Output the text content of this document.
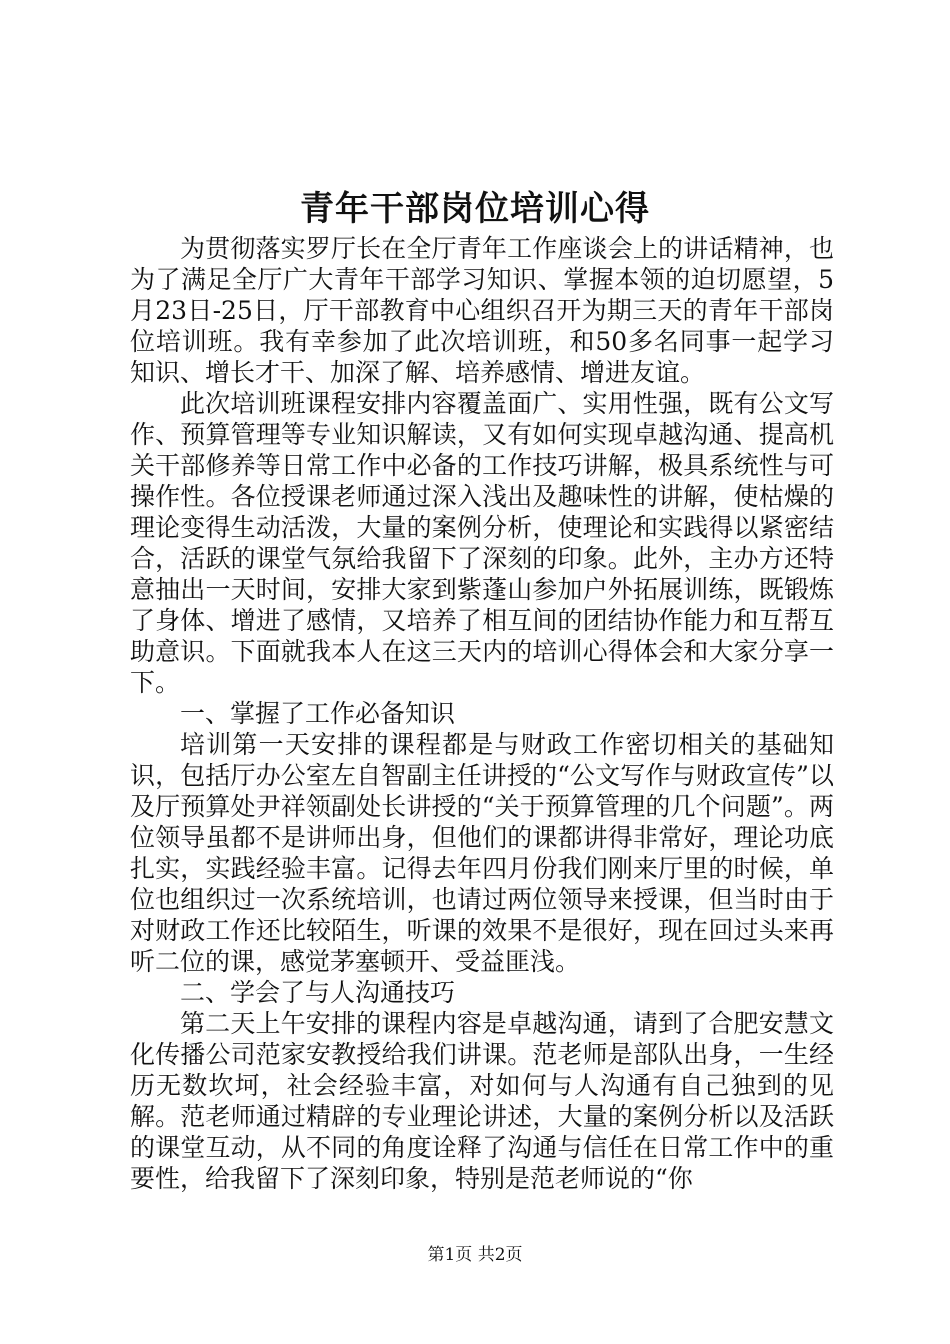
青年干部岗位培训心得

为贯彻落实罗厅长在全厅青年工作座谈会上的讲话精神，也为了满足全厅广大青年干部学习知识、掌握本领的迫切愿望，5月23日-25日，厅干部教育中心组织召开为期三天的青年干部岗位培训班。我有幸参加了此次培训班，和50多名同事一起学习知识、增长才干、加深了解、培养感情、增进友谊。

此次培训班课程安排内容覆盖面广、实用性强，既有公文写作、预算管理等专业知识解读，又有如何实现卓越沟通、提高机关干部修养等日常工作中必备的工作技巧讲解，极具系统性与可操作性。各位授课老师通过深入浅出及趣味性的讲解，使枯燥的理论变得生动活泼，大量的案例分析，使理论和实践得以紧密结合，活跃的课堂气氛给我留下了深刻的印象。此外，主办方还特意抽出一天时间，安排大家到紫蓬山参加户外拓展训练，既锻炼了身体、增进了感情，又培养了相互间的团结协作能力和互帮互助意识。下面就我本人在这三天内的培训心得体会和大家分享一下。

一、掌握了工作必备知识

培训第一天安排的课程都是与财政工作密切相关的基础知识，包括厅办公室左自智副主任讲授的“公文写作与财政宣传”以及厅预算处尹祥领副处长讲授的“关于预算管理的几个问题”。两位领导虽都不是讲师出身，但他们的课都讲得非常好，理论功底扎实，实践经验丰富。记得去年四月份我们刚来厅里的时候，单位也组织过一次系统培训，也请过两位领导来授课，但当时由于对财政工作还比较陌生，听课的效果不是很好，现在回过头来再听二位的课，感觉茅塞顿开、受益匪浅。

二、学会了与人沟通技巧

第二天上午安排的课程内容是卓越沟通，请到了合肥安慧文化传播公司范家安教授给我们讲课。范老师是部队出身，一生经历无数坎坷，社会经验丰富，对如何与人沟通有自己独到的见解。范老师通过精辟的专业理论讲述，大量的案例分析以及活跃的课堂互动，从不同的角度诠释了沟通与信任在日常工作中的重要性，给我留下了深刻印象，特别是范老师说的“你

第1页 共2页
